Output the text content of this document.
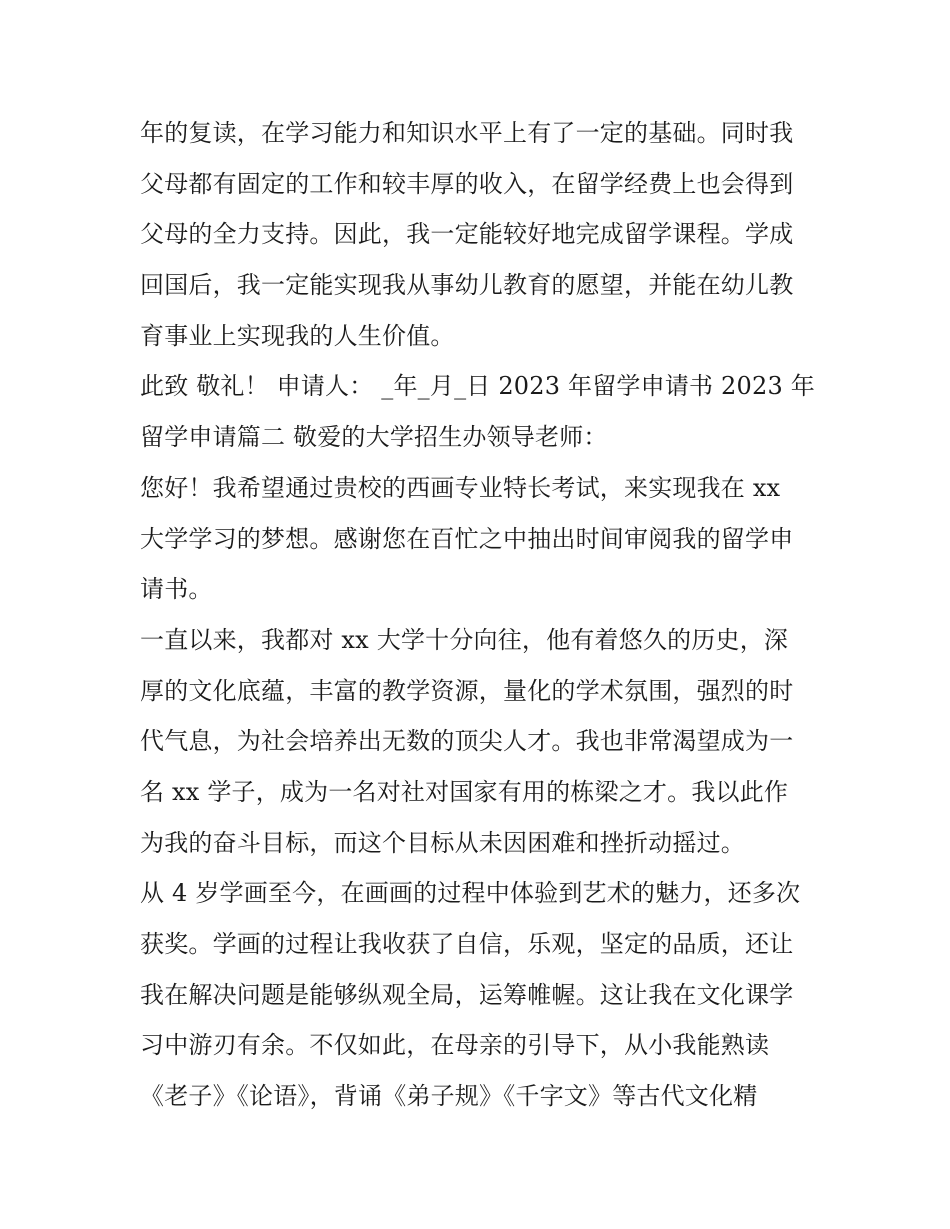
年的复读，在学习能力和知识水平上有了一定的基础。同时我
父母都有固定的工作和较丰厚的收入，在留学经费上也会得到
父母的全力支持。因此，我一定能较好地完成留学课程。学成
回国后，我一定能实现我从事幼儿教育的愿望，并能在幼儿教
育事业上实现我的人生价值。
此致 敬礼！ 申请人： _年_月_日 2023 年留学申请书 2023 年
留学申请篇二 敬爱的大学招生办领导老师：
您好！我希望通过贵校的西画专业特长考试，来实现我在 xx
大学学习的梦想。感谢您在百忙之中抽出时间审阅我的留学申
请书。
一直以来，我都对 xx 大学十分向往，他有着悠久的历史，深
厚的文化底蕴，丰富的教学资源，量化的学术氛围，强烈的时
代气息，为社会培养出无数的顶尖人才。我也非常渴望成为一
名 xx 学子，成为一名对社对国家有用的栋梁之才。我以此作
为我的奋斗目标，而这个目标从未因困难和挫折动摇过。
从 4 岁学画至今，在画画的过程中体验到艺术的魅力，还多次
获奖。学画的过程让我收获了自信，乐观，坚定的品质，还让
我在解决问题是能够纵观全局，运筹帷幄。这让我在文化课学
习中游刃有余。不仅如此，在母亲的引导下，从小我能熟读
《老子》《论语》，背诵《弟子规》《千字文》等古代文化精
